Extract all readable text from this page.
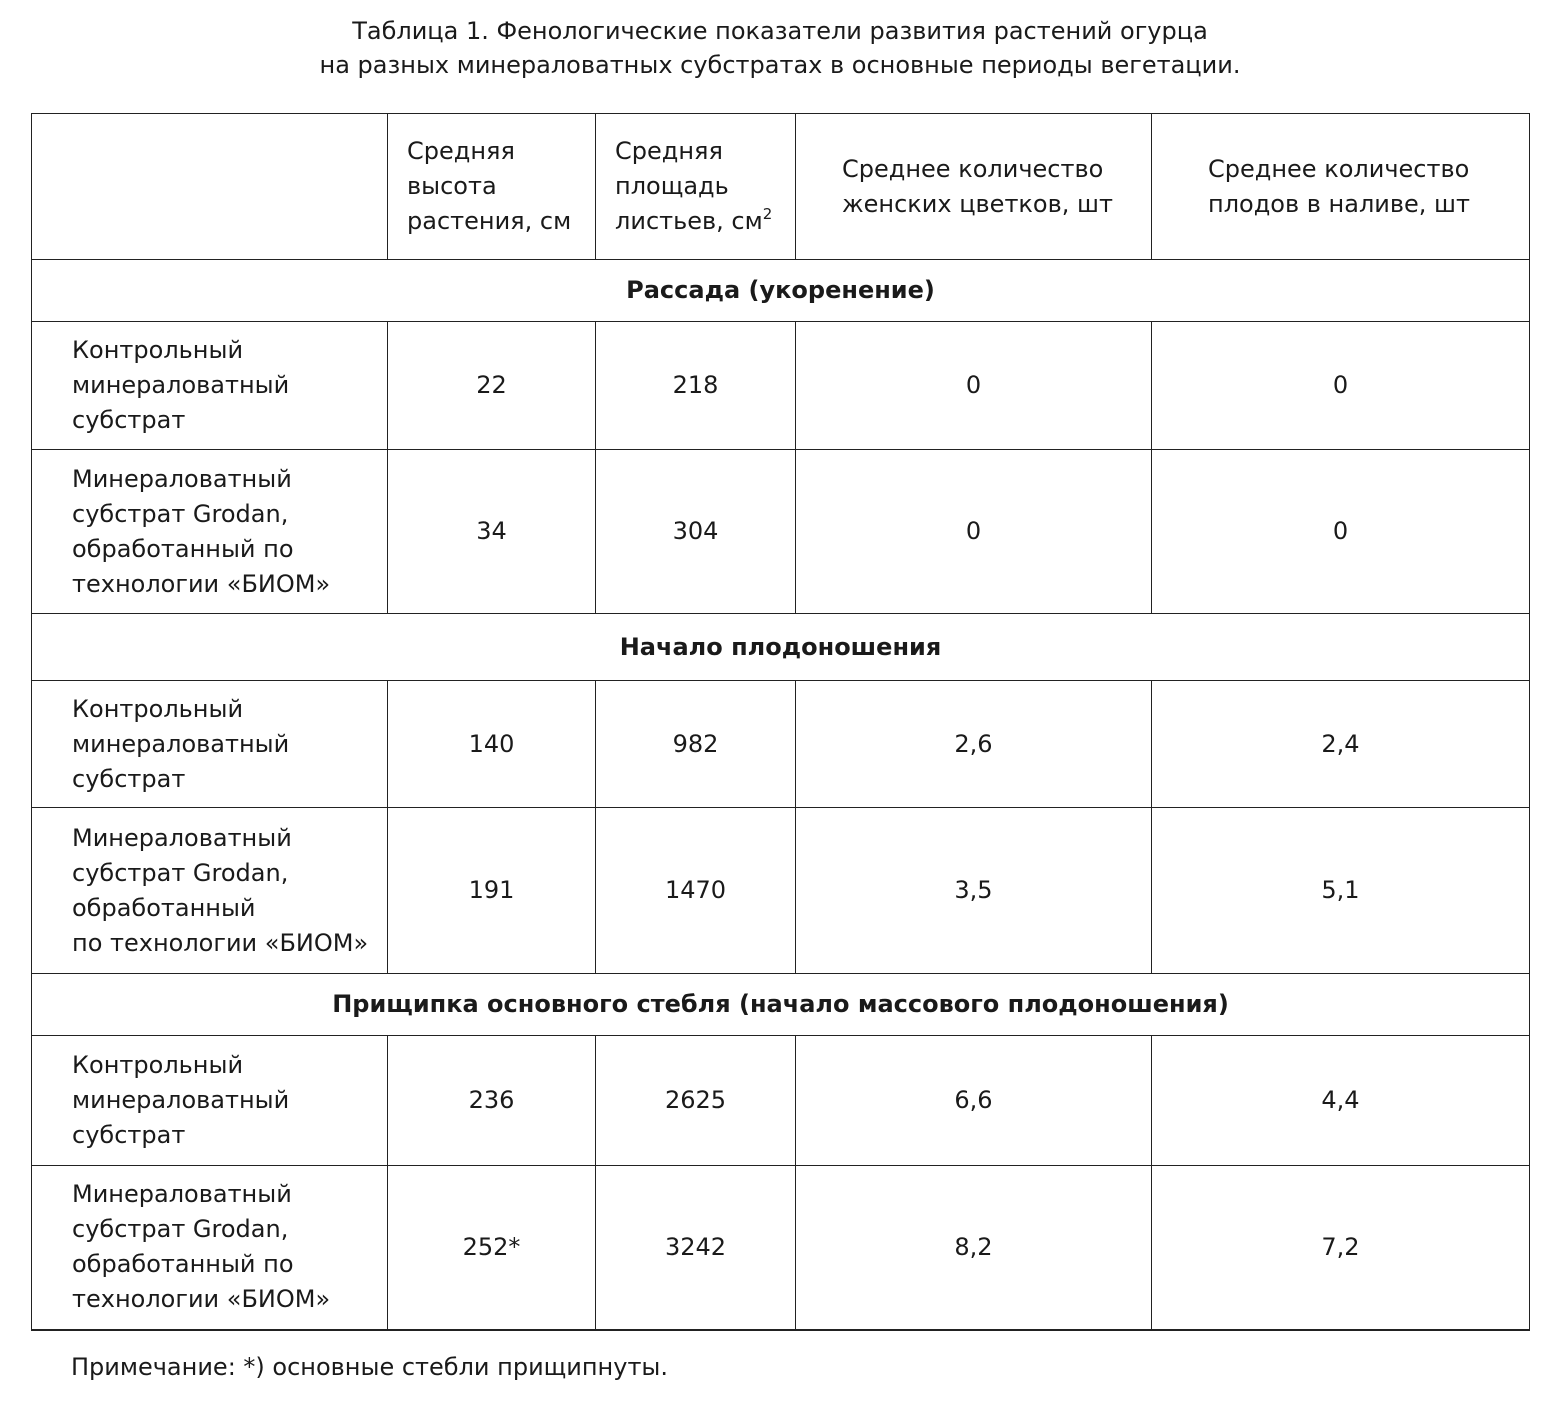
Таблица 1. Фенологические показатели развития растений огурца
на разных минераловатных субстратах в основные периоды вегетации.
	Средняя
высота
растения, см	Средняя
площадь
листьев, $см^2$	Среднее количество
женских цветков, шт	Среднее количество
плодов в наливе, шт
Рассада (укоренение)				
Контрольный
минераловатный
субстрат	22	218	0	0
Минераловатный
субстрат Grodan,
обработанный по
технологии «БИОМ»	34	304	0	0
Начало плодоношения				
Контрольный
минераловатный
субстрат	140	982	2,6	2,4
Минераловатный
субстрат Grodan,
обработанный
по технологии «БИОМ»	191	1470	3,5	5,1
Прищипка основного стебля (начало массового плодоношения)				
Контрольный
минераловатный
субстрат	236	2625	6,6	4,4
Минераловатный
субстрат Grodan,
обработанный по
технологии «БИОМ»	252*	3242	8,2	7,2
Примечание: *) основные стебли прищипнуты.
